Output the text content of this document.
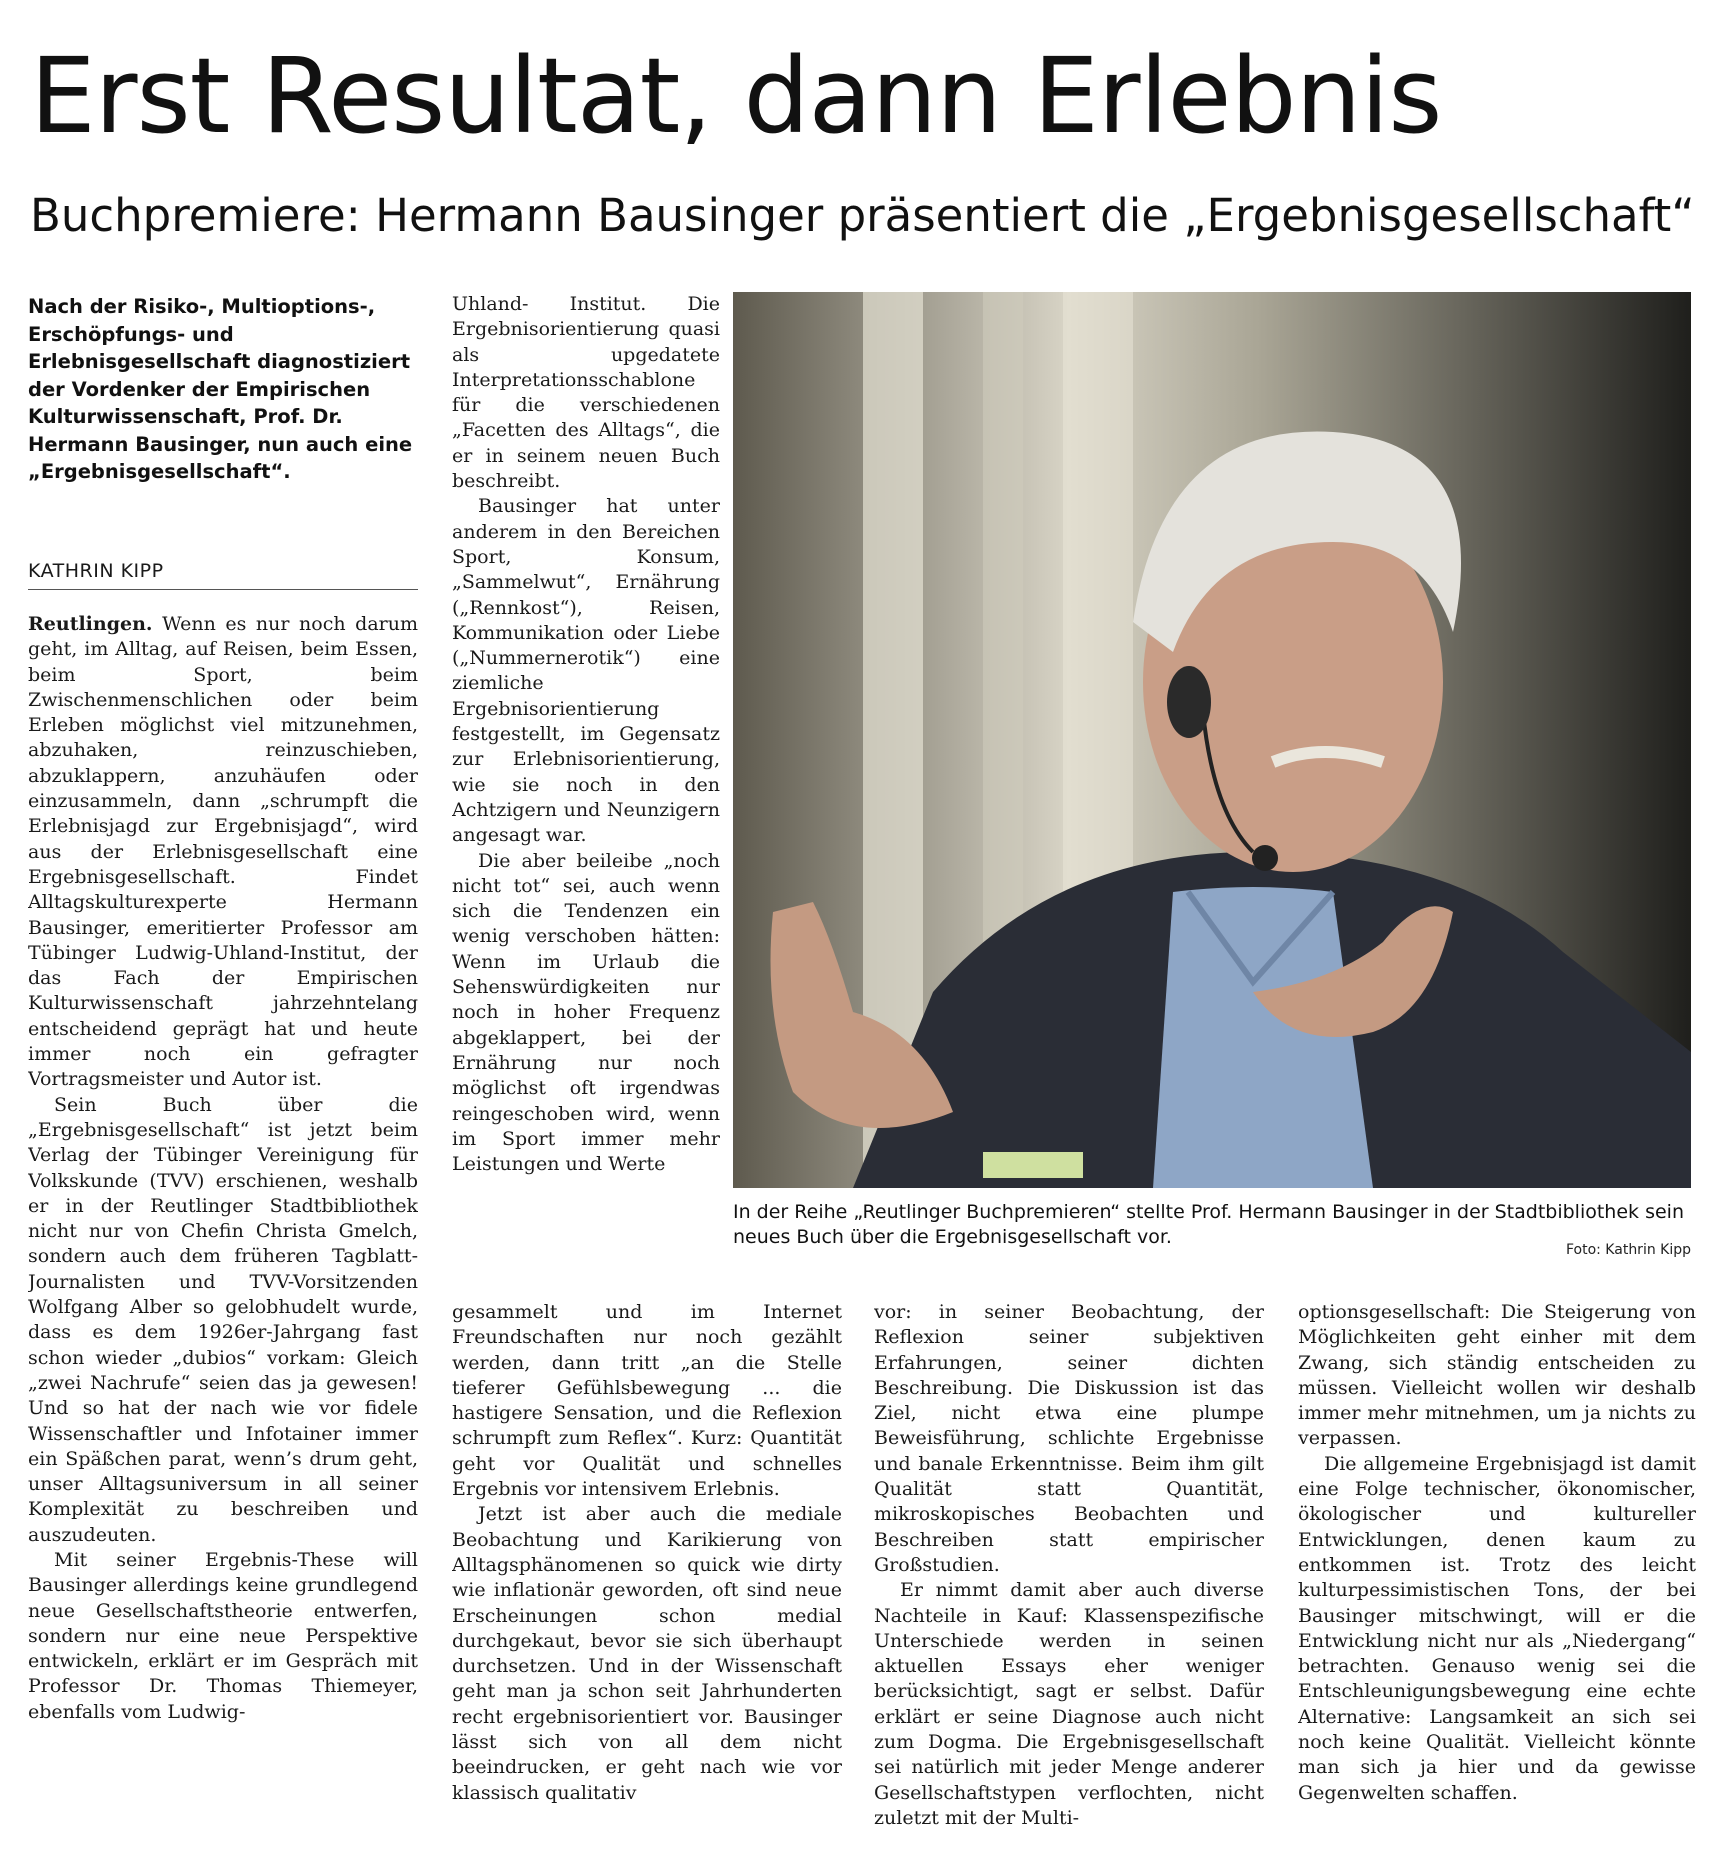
Erst Resultat, dann Erlebnis
Buchpremiere: Hermann Bausinger präsentiert die „Ergebnisgesellschaft“

Nach der Risiko-, Multioptions-, Erschöpfungs- und Erlebnisgesellschaft diagnostiziert der Vordenker der Empirischen Kulturwissenschaft, Prof. Dr. Hermann Bausinger, nun auch eine „Ergebnisgesellschaft“.

KATHRIN KIPP

Reutlingen. Wenn es nur noch darum geht, im Alltag, auf Reisen, beim Essen, beim Sport, beim Zwischenmenschlichen oder beim Erleben möglichst viel mitzunehmen, abzuhaken, reinzuschieben, abzuklappern, anzuhäufen oder einzusammeln, dann „schrumpft die Erlebnisjagd zur Ergebnisjagd“, wird aus der Erlebnisgesellschaft eine Ergebnisgesellschaft. Findet Alltagskulturexperte Hermann Bausinger, emeritierter Professor am Tübinger Ludwig-Uhland-Institut, der das Fach der Empirischen Kulturwissenschaft jahrzehntelang entscheidend geprägt hat und heute immer noch ein gefragter Vortragsmeister und Autor ist.

Sein Buch über die „Ergebnisgesellschaft“ ist jetzt beim Verlag der Tübinger Vereinigung für Volkskunde (TVV) erschienen, weshalb er in der Reutlinger Stadtbibliothek nicht nur von Chefin Christa Gmelch, sondern auch dem früheren Tagblatt-Journalisten und TVV-Vorsitzenden Wolfgang Alber so gelobhudelt wurde, dass es dem 1926er-Jahrgang fast schon wieder „dubios“ vorkam: Gleich „zwei Nachrufe“ seien das ja gewesen! Und so hat der nach wie vor fidele Wissenschaftler und Infotainer immer ein Späßchen parat, wenn’s drum geht, unser Alltagsuniversum in all seiner Komplexität zu beschreiben und auszudeuten.

Mit seiner Ergebnis-These will Bausinger allerdings keine grundlegend neue Gesellschaftstheorie entwerfen, sondern nur eine neue Perspektive entwickeln, erklärt er im Gespräch mit Professor Dr. Thomas Thiemeyer, ebenfalls vom Ludwig-

Uhland- Institut. Die Ergebnisorientierung quasi als upgedatete Interpretationsschablone für die verschiedenen „Facetten des Alltags“, die er in seinem neuen Buch beschreibt.

Bausinger hat unter anderem in den Bereichen Sport, Konsum, „Sammelwut“, Ernährung („Rennkost“), Reisen, Kommunikation oder Liebe („Nummernerotik“) eine ziemliche Ergebnisorientierung festgestellt, im Gegensatz zur Erlebnisorientierung, wie sie noch in den Achtzigern und Neunzigern angesagt war.

Die aber beileibe „noch nicht tot“ sei, auch wenn sich die Tendenzen ein wenig verschoben hätten: Wenn im Urlaub die Sehenswürdigkeiten nur noch in hoher Frequenz abgeklappert, bei der Ernährung nur noch möglichst oft irgendwas reingeschoben wird, wenn im Sport immer mehr Leistungen und Werte

In der Reihe „Reutlinger Buchpremieren“ stellte Prof. Hermann Bausinger in der Stadtbibliothek sein neues Buch über die Ergebnisgesellschaft vor.

Foto: Kathrin Kipp

gesammelt und im Internet Freundschaften nur noch gezählt werden, dann tritt „an die Stelle tieferer Gefühlsbewegung ... die hastigere Sensation, und die Reflexion schrumpft zum Reflex“. Kurz: Quantität geht vor Qualität und schnelles Ergebnis vor intensivem Erlebnis.

Jetzt ist aber auch die mediale Beobachtung und Karikierung von Alltagsphänomenen so quick wie dirty wie inflationär geworden, oft sind neue Erscheinungen schon medial durchgekaut, bevor sie sich überhaupt durchsetzen. Und in der Wissenschaft geht man ja schon seit Jahrhunderten recht ergebnisorientiert vor. Bausinger lässt sich von all dem nicht beeindrucken, er geht nach wie vor klassisch qualitativ

vor: in seiner Beobachtung, der Reflexion seiner subjektiven Erfahrungen, seiner dichten Beschreibung. Die Diskussion ist das Ziel, nicht etwa eine plumpe Beweisführung, schlichte Ergebnisse und banale Erkenntnisse. Beim ihm gilt Qualität statt Quantität, mikroskopisches Beobachten und Beschreiben statt empirischer Großstudien.

Er nimmt damit aber auch diverse Nachteile in Kauf: Klassenspezifische Unterschiede werden in seinen aktuellen Essays eher weniger berücksichtigt, sagt er selbst. Dafür erklärt er seine Diagnose auch nicht zum Dogma. Die Ergebnisgesellschaft sei natürlich mit jeder Menge anderer Gesellschaftstypen verflochten, nicht zuletzt mit der Multi-

optionsgesellschaft: Die Steigerung von Möglichkeiten geht einher mit dem Zwang, sich ständig entscheiden zu müssen. Vielleicht wollen wir deshalb immer mehr mitnehmen, um ja nichts zu verpassen.

Die allgemeine Ergebnisjagd ist damit eine Folge technischer, ökonomischer, ökologischer und kultureller Entwicklungen, denen kaum zu entkommen ist. Trotz des leicht kulturpessimistischen Tons, der bei Bausinger mitschwingt, will er die Entwicklung nicht nur als „Niedergang“ betrachten. Genauso wenig sei die Entschleunigungsbewegung eine echte Alternative: Langsamkeit an sich sei noch keine Qualität. Vielleicht könnte man sich ja hier und da gewisse Gegenwelten schaffen.
